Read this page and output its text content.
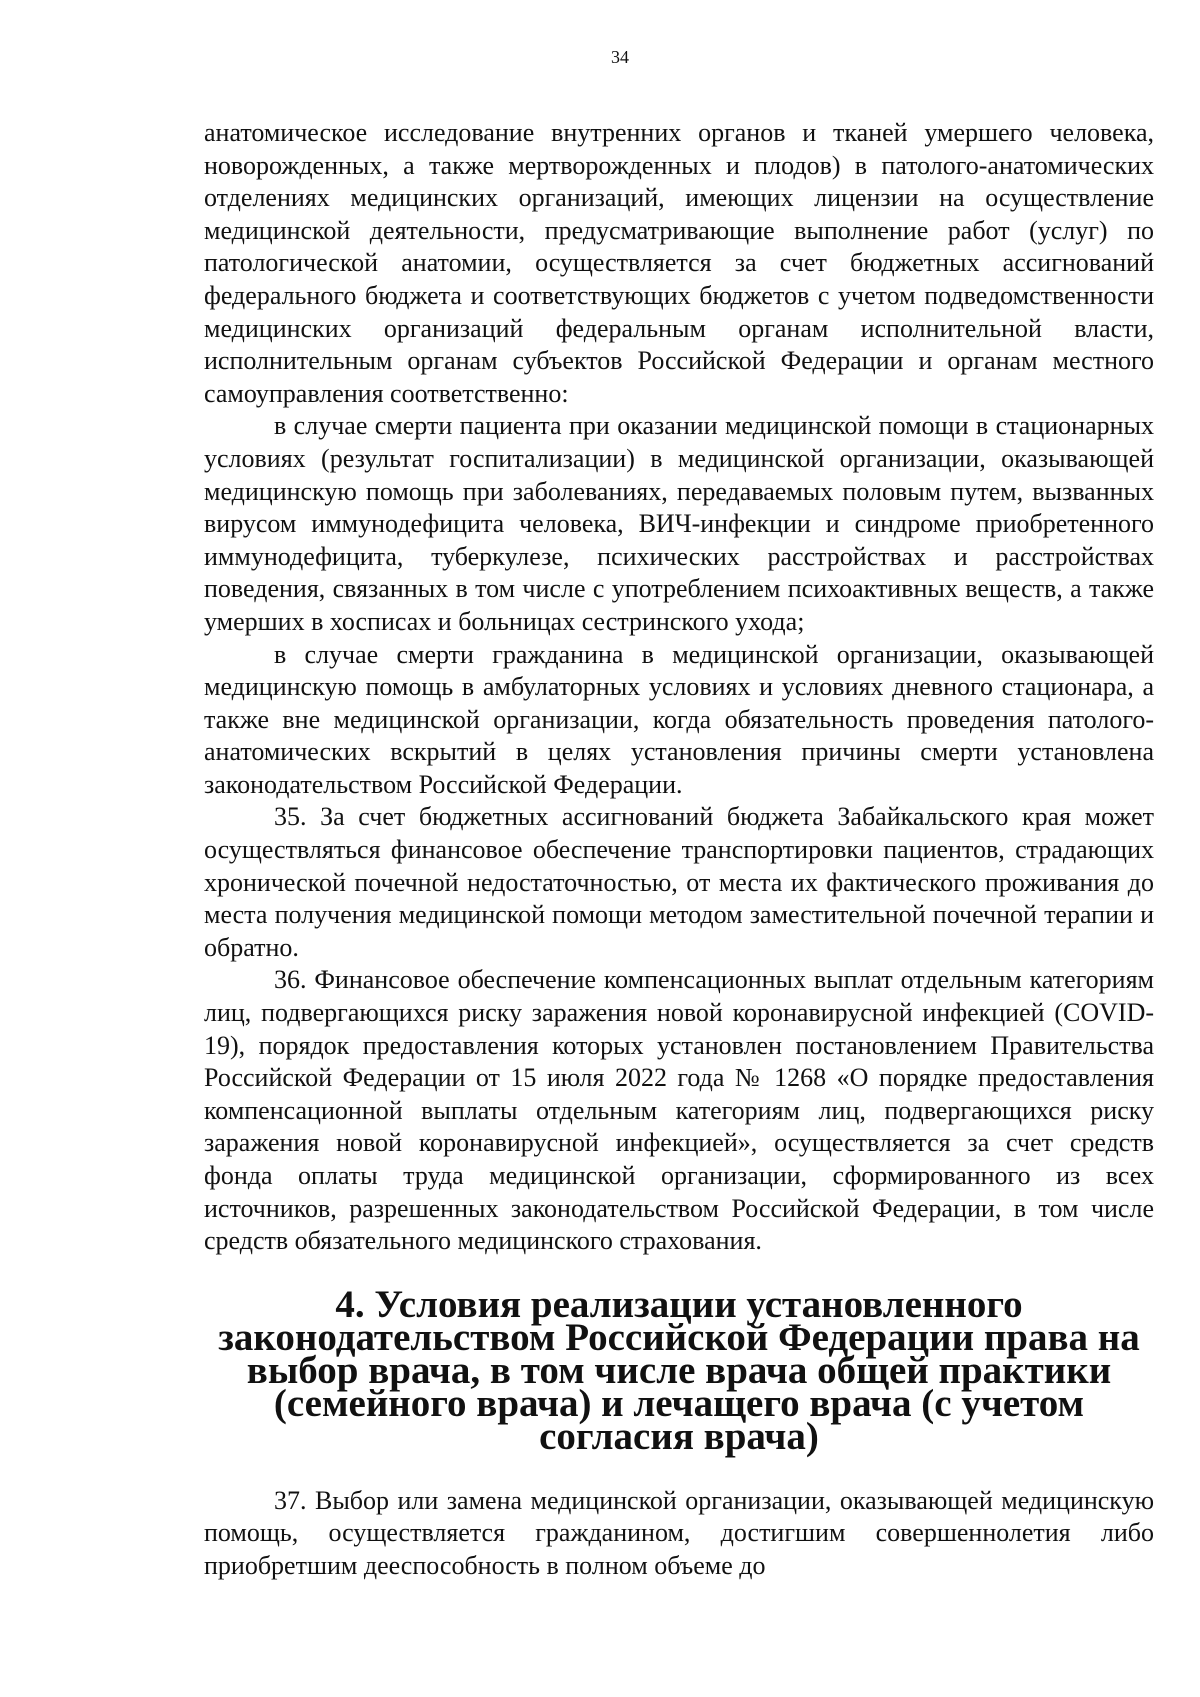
34

анатомическое исследование внутренних органов и тканей умершего человека, новорожденных, а также мертворожденных и плодов) в патолого-анатомических отделениях медицинских организаций, имеющих лицензии на осуществление медицинской деятельности, предусматривающие выполнение работ (услуг) по патологической анатомии, осуществляется за счет бюджетных ассигнований федерального бюджета и соответствующих бюджетов с учетом подведомственности медицинских организаций федеральным органам исполнительной власти, исполнительным органам субъектов Российской Федерации и органам местного самоуправления соответственно:

в случае смерти пациента при оказании медицинской помощи в стационарных условиях (результат госпитализации) в медицинской организации, оказывающей медицинскую помощь при заболеваниях, передаваемых половым путем, вызванных вирусом иммунодефицита человека, ВИЧ-инфекции и синдроме приобретенного иммунодефицита, туберкулезе, психических расстройствах и расстройствах поведения, связанных в том числе с употреблением психоактивных веществ, а также умерших в хосписах и больницах сестринского ухода;

в случае смерти гражданина в медицинской организации, оказывающей медицинскую помощь в амбулаторных условиях и условиях дневного стационара, а также вне медицинской организации, когда обязательность проведения патолого-анатомических вскрытий в целях установления причины смерти установлена законодательством Российской Федерации.

35. За счет бюджетных ассигнований бюджета Забайкальского края может осуществляться финансовое обеспечение транспортировки пациентов, страдающих хронической почечной недостаточностью, от места их фактического проживания до места получения медицинской помощи методом заместительной почечной терапии и обратно.

36. Финансовое обеспечение компенсационных выплат отдельным категориям лиц, подвергающихся риску заражения новой коронавирусной инфекцией (COVID-19), порядок предоставления которых установлен постановлением Правительства Российской Федерации от 15 июля 2022 года № 1268 «О порядке предоставления компенсационной выплаты отдельным категориям лиц, подвергающихся риску заражения новой коронавирусной инфекцией», осуществляется за счет средств фонда оплаты труда медицинской организации, сформированного из всех источников, разрешенных законодательством Российской Федерации, в том числе средств обязательного медицинского страхования.

4. Условия реализации установленного законодательством Российской Федерации права на выбор врача, в том числе врача общей практики (семейного врача) и лечащего врача (с учетом согласия врача)

37. Выбор или замена медицинской организации, оказывающей медицинскую помощь, осуществляется гражданином, достигшим совершеннолетия либо приобретшим дееспособность в полном объеме до
